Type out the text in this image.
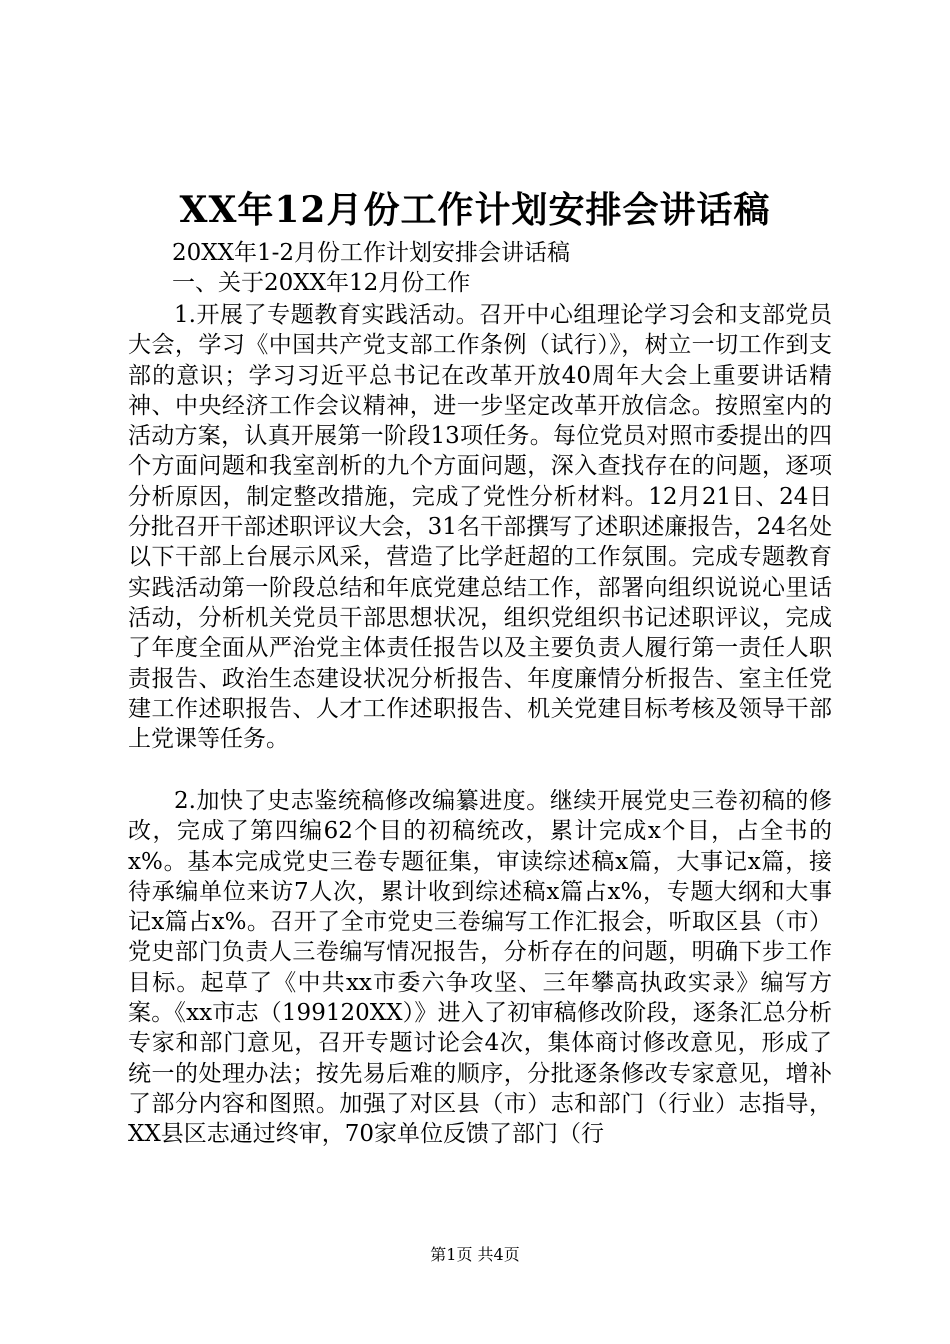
XX年12月份工作计划安排会讲话稿
20XX年1-2月份工作计划安排会讲话稿
一、关于20XX年12月份工作

1.开展了专题教育实践活动。召开中心组理论学习会和支部党员大会，学习《中国共产党支部工作条例（试行）》，树立一切工作到支部的意识；学习习近平总书记在改革开放40周年大会上重要讲话精神、中央经济工作会议精神，进一步坚定改革开放信念。按照室内的活动方案，认真开展第一阶段13项任务。每位党员对照市委提出的四个方面问题和我室剖析的九个方面问题，深入查找存在的问题，逐项分析原因，制定整改措施，完成了党性分析材料。12月21日、24日分批召开干部述职评议大会，31名干部撰写了述职述廉报告，24名处以下干部上台展示风采，营造了比学赶超的工作氛围。完成专题教育实践活动第一阶段总结和年底党建总结工作，部署向组织说说心里话活动，分析机关党员干部思想状况，组织党组织书记述职评议，完成了年度全面从严治党主体责任报告以及主要负责人履行第一责任人职责报告、政治生态建设状况分析报告、年度廉情分析报告、室主任党建工作述职报告、人才工作述职报告、机关党建目标考核及领导干部上党课等任务。

2.加快了史志鉴统稿修改编纂进度。继续开展党史三卷初稿的修改，完成了第四编62个目的初稿统改，累计完成x个目，占全书的x%。基本完成党史三卷专题征集，审读综述稿x篇，大事记x篇，接待承编单位来访7人次，累计收到综述稿x篇占x%，专题大纲和大事记x篇占x%。召开了全市党史三卷编写工作汇报会，听取区县（市）党史部门负责人三卷编写情况报告，分析存在的问题，明确下步工作目标。起草了《中共xx市委六争攻坚、三年攀高执政实录》编写方案。《xx市志（199120XX）》进入了初审稿修改阶段，逐条汇总分析专家和部门意见，召开专题讨论会4次，集体商讨修改意见，形成了统一的处理办法；按先易后难的顺序，分批逐条修改专家意见，增补了部分内容和图照。加强了对区县（市）志和部门（行业）志指导，XX县区志通过终审，70家单位反馈了部门（行

第1页 共4页
